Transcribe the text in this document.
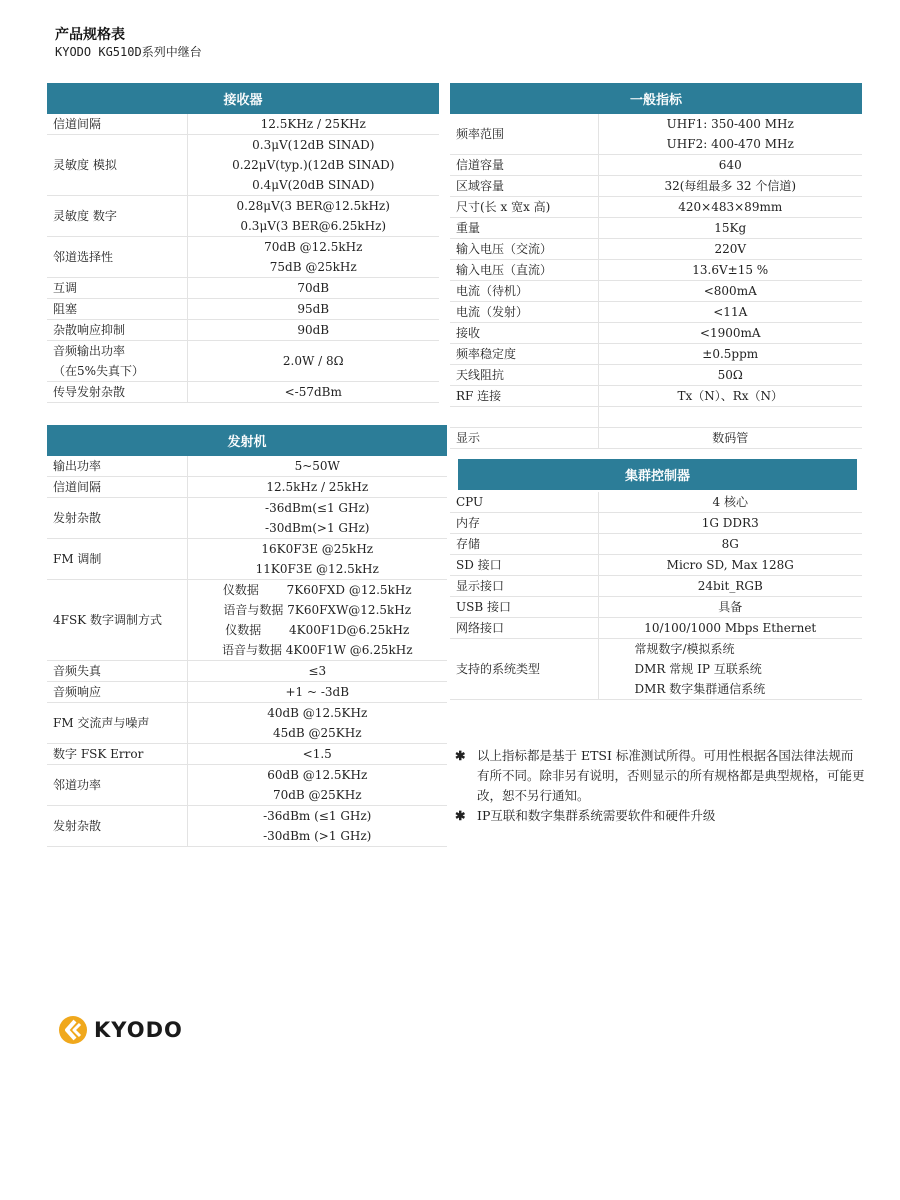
产品规格表
KYODO KG510D系列中继台
接收器
信道间隔	12.5KHz / 25KHz

灵敏度 模拟	0.3μV(12dB SINAD)
0.22μV(typ.)(12dB SINAD)
0.4μV(20dB SINAD)

灵敏度 数字	0.28μV(3 BER@12.5kHz)
0.3μV(3 BER@6.25kHz)

邻道选择性	70dB @12.5kHz
75dB @25kHz

互调	70dB

阻塞	95dB

杂散响应抑制	90dB

音频输出功率
（在5%失真下）	2.0W / 8Ω

传导发射杂散	<-57dBm
发射机
输出功率	5~50W

信道间隔	12.5kHz / 25kHz

发射杂散	-36dBm(≤1 GHz)
-30dBm(>1 GHz)

FM 调制	16K0F3E @25kHz
11K0F3E @12.5kHz

4FSK 数字调制方式	仪数据　　 7K60FXD @12.5kHz
语音与数据 7K60FXW@12.5kHz
仪数据　　 4K00F1D@6.25kHz
语音与数据 4K00F1W @6.25kHz

音频失真	≤3

音频响应	+1 ~ -3dB

FM 交流声与噪声	40dB @12.5KHz
45dB @25KHz

数字 FSK Error	<1.5

邻道功率	60dB @12.5KHz
70dB @25KHz

发射杂散	-36dBm (≤1 GHz)
-30dBm (>1 GHz)
一般指标
频率范围	UHF1: 350-400 MHz
UHF2: 400-470 MHz

信道容量	640

区域容量	32(每组最多 32 个信道)

尺寸(长 x 宽x 高)	420×483×89mm

重量	15Kg

输入电压（交流）	220V

输入电压（直流）	13.6V±15 %

电流（待机）	<800mA

电流（发射）	<11A

接收	<1900mA

频率稳定度	±0.5ppm

天线阻抗	50Ω

RF 连接	Tx（N）、Rx（N）

显示	数码管
集群控制器
CPU	4 核心

内存	1G DDR3

存储	8G

SD 接口	Micro SD, Max 128G

显示接口	24bit_RGB

USB 接口	具备

网络接口	10/100/1000 Mbps Ethernet

支持的系统类型	常规数字/模拟系统
DMR 常规 IP 互联系统
DMR 数字集群通信系统
✱ 以上指标都是基于 ETSI 标准测试所得。可用性根据各国法律法规而有所不同。除非另有说明，否则显示的所有规格都是典型规格，可能更改，恕不另行通知。
✱ IP互联和数字集群系统需要软件和硬件升级
KYODO
